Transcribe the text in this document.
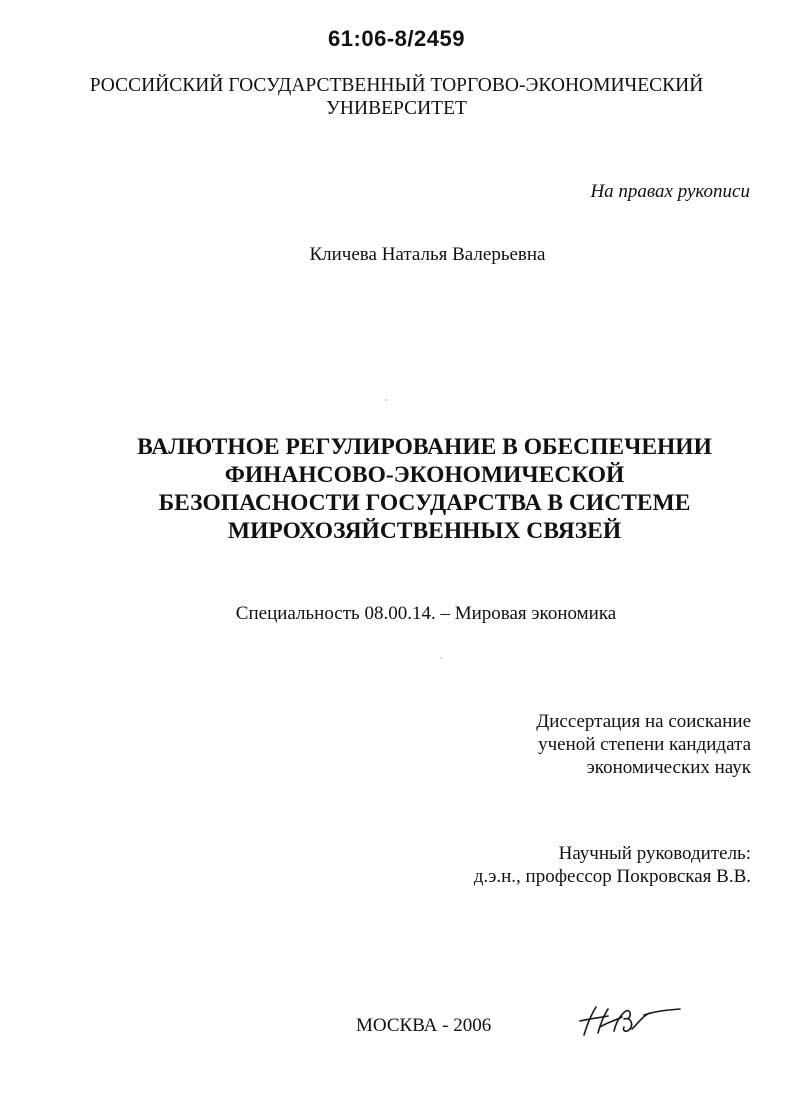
61:06-8/2459
РОССИЙСКИЙ ГОСУДАРСТВЕННЫЙ ТОРГОВО-ЭКОНОМИЧЕСКИЙ
УНИВЕРСИТЕТ
На правах рукописи
Кличева Наталья Валерьевна
ВАЛЮТНОЕ РЕГУЛИРОВАНИЕ В ОБЕСПЕЧЕНИИ
ФИНАНСОВО-ЭКОНОМИЧЕСКОЙ
БЕЗОПАСНОСТИ ГОСУДАРСТВА В СИСТЕМЕ
МИРОХОЗЯЙСТВЕННЫХ СВЯЗЕЙ
Специальность 08.00.14. – Мировая экономика
Диссертация на соискание
ученой степени кандидата
экономических наук
Научный руководитель:
д.э.н., профессор Покровская В.В.
МОСКВА - 2006
